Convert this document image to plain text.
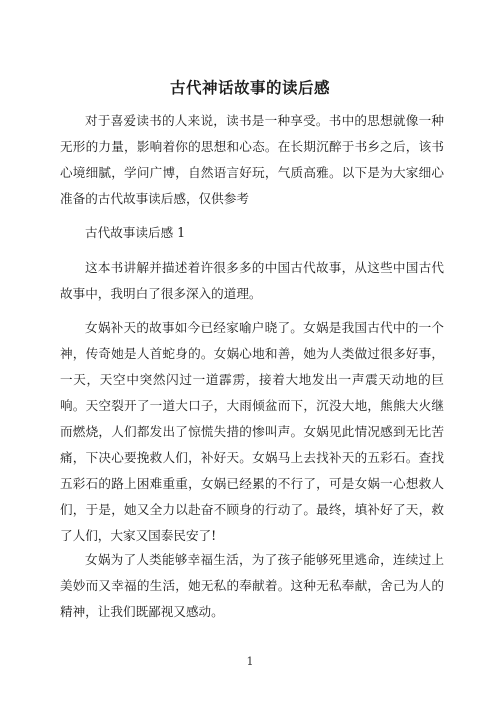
古代神话故事的读后感

对于喜爱读书的人来说，读书是一种享受。书中的思想就像一种无形的力量，影响着你的思想和心态。在长期沉醉于书乡之后，该书心境细腻，学问广博，自然语言好玩，气质高雅。以下是为大家细心准备的古代故事读后感，仅供参考

古代故事读后感 1

这本书讲解并描述着许很多多的中国古代故事，从这些中国古代故事中，我明白了很多深入的道理。

女娲补天的故事如今已经家喻户晓了。女娲是我国古代中的一个神，传奇她是人首蛇身的。女娲心地和善，她为人类做过很多好事，一天，天空中突然闪过一道霹雳，接着大地发出一声震天动地的巨响。天空裂开了一道大口子，大雨倾盆而下，沉没大地，熊熊大火继而燃烧，人们都发出了惊慌失措的惨叫声。女娲见此情况感到无比苦痛，下决心要挽救人们，补好天。女娲马上去找补天的五彩石。查找五彩石的路上困难重重，女娲已经累的不行了，可是女娲一心想救人们，于是，她又全力以赴奋不顾身的行动了。最终，填补好了天，救了人们，大家又国泰民安了!

女娲为了人类能够幸福生活，为了孩子能够死里逃命，连续过上美妙而又幸福的生活，她无私的奉献着。这种无私奉献，舍己为人的精神，让我们既鄙视又感动。

1
